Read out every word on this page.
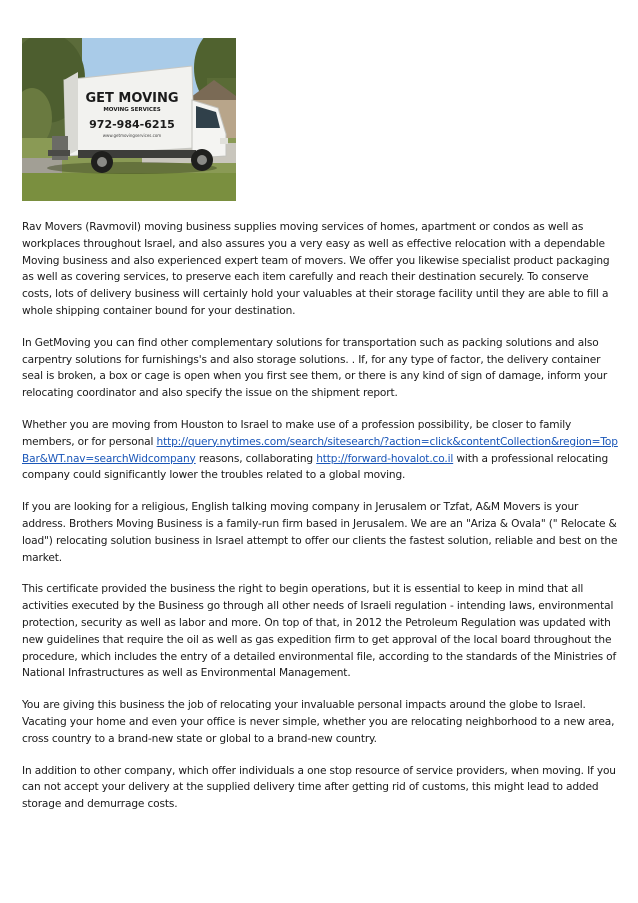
GET MOVING
MOVING SERVICES
972-984-6215
www.getmovingservices.com

Rav Movers (Ravmovil) moving business supplies moving services of homes, apartment or condos as well as workplaces throughout Israel, and also assures you a very easy as well as effective relocation with a dependable Moving business and also experienced expert team of movers. We offer you likewise specialist product packaging as well as covering services, to preserve each item carefully and reach their destination securely. To conserve costs, lots of delivery business will certainly hold your valuables at their storage facility until they are able to fill a whole shipping container bound for your destination.

In GetMoving you can find other complementary solutions for transportation such as packing solutions and also carpentry solutions for furnishings's and also storage solutions. . If, for any type of factor, the delivery container seal is broken, a box or cage is open when you first see them, or there is any kind of sign of damage, inform your relocating coordinator and also specify the issue on the shipment report.

Whether you are moving from Houston to Israel to make use of a profession possibility, be closer to family members, or for personal http://query.nytimes.com/search/sitesearch/?action=click&contentCollection&region=TopBar&WT.nav=searchWidcompany reasons, collaborating http://forward-hovalot.co.il with a professional relocating company could significantly lower the troubles related to a global moving.

If you are looking for a religious, English talking moving company in Jerusalem or Tzfat, A&M Movers is your address. Brothers Moving Business is a family-run firm based in Jerusalem. We are an "Ariza & Ovala" (" Relocate & load") relocating solution business in Israel attempt to offer our clients the fastest solution, reliable and best on the market.

This certificate provided the business the right to begin operations, but it is essential to keep in mind that all activities executed by the Business go through all other needs of Israeli regulation - intending laws, environmental protection, security as well as labor and more. On top of that, in 2012 the Petroleum Regulation was updated with new guidelines that require the oil as well as gas expedition firm to get approval of the local board throughout the procedure, which includes the entry of a detailed environmental file, according to the standards of the Ministries of National Infrastructures as well as Environmental Management.

You are giving this business the job of relocating your invaluable personal impacts around the globe to Israel. Vacating your home and even your office is never simple, whether you are relocating neighborhood to a new area, cross country to a brand-new state or global to a brand-new country.

In addition to other company, which offer individuals a one stop resource of service providers, when moving. If you can not accept your delivery at the supplied delivery time after getting rid of customs, this might lead to added storage and demurrage costs.
